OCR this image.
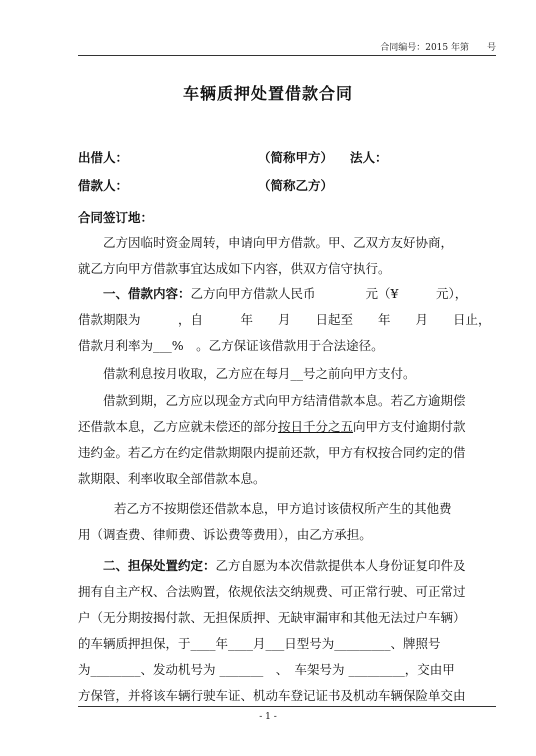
合同编号：2015 年第　　号
车辆质押处置借款合同
出借人：	（简称甲方） 法人：
借款人：	（简称乙方）
合同签订地：
乙方因临时资金周转，申请向甲方借款。甲、乙双方友好协商，
就乙方向甲方借款事宜达成如下内容，供双方信守执行。
一、借款内容：乙方向甲方借款人民币　　　　元（¥　　　元），
借款期限为　　　，自　　　年　　月　　日起至　　年　　月　　日止，
借款月利率为___%　。乙方保证该借款用于合法途径。
借款利息按月收取，乙方应在每月__号之前向甲方支付。
借款到期，乙方应以现金方式向甲方结清借款本息。若乙方逾期偿
还借款本息，乙方应就未偿还的部分按日千分之五向甲方支付逾期付款
违约金。若乙方在约定借款期限内提前还款，甲方有权按合同约定的借
款期限、利率收取全部借款本息。
若乙方不按期偿还借款本息，甲方追讨该债权所产生的其他费
用（调查费、律师费、诉讼费等费用），由乙方承担。
二、担保处置约定：乙方自愿为本次借款提供本人身份证复印件及
拥有自主产权、合法购置，依规依法交纳规费、可正常行驶、可正常过
户（无分期按揭付款、无担保质押、无缺审漏审和其他无法过户车辆）
的车辆质押担保，于____年____月___日型号为_________、牌照号
为________、发动机号为 _______　、　车架号为 _________，交由甲
方保管，并将该车辆行驶车证、机动车登记证书及机动车辆保险单交由
- 1 -
